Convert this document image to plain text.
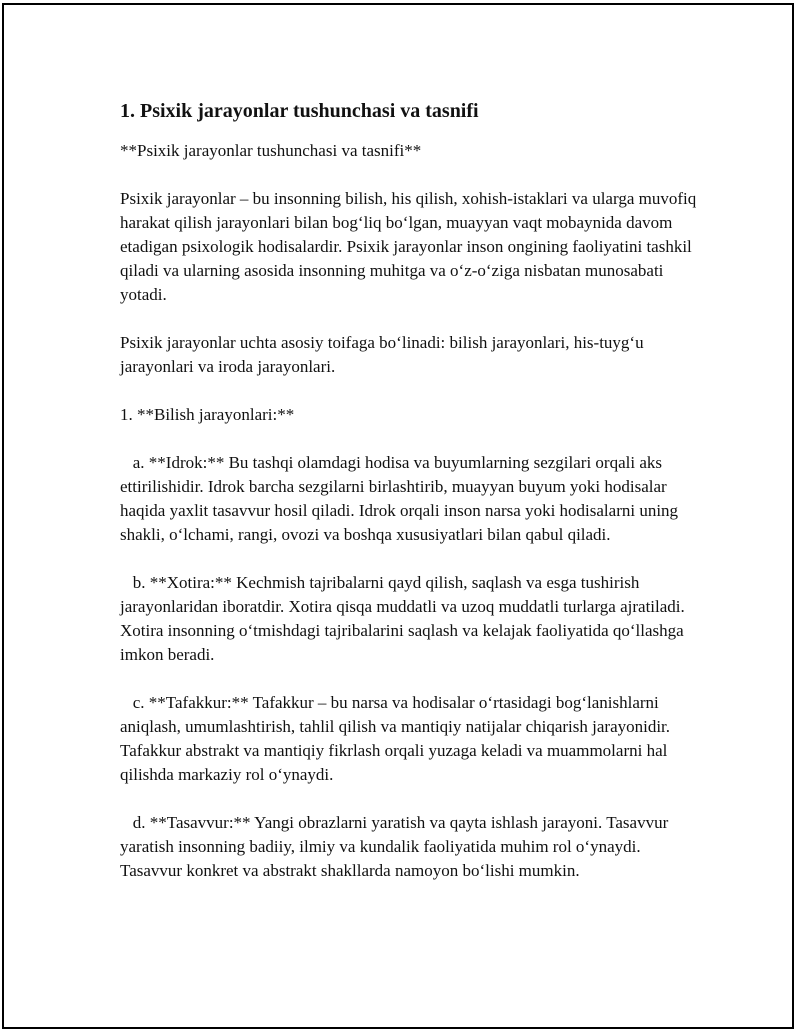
1. Psixik jarayonlar tushunchasi va tasnifi

**Psixik jarayonlar tushunchasi va tasnifi**

Psixik jarayonlar – bu insonning bilish, his qilish, xohish-istaklari va ularga muvofiq harakat qilish jarayonlari bilan bog‘liq bo‘lgan, muayyan vaqt mobaynida davom etadigan psixologik hodisalardir. Psixik jarayonlar inson ongining faoliyatini tashkil qiladi va ularning asosida insonning muhitga va o‘z-o‘ziga nisbatan munosabati yotadi.

Psixik jarayonlar uchta asosiy toifaga bo‘linadi: bilish jarayonlari, his-tuyg‘u jarayonlari va iroda jarayonlari.

1. **Bilish jarayonlari:**

a. **Idrok:** Bu tashqi olamdagi hodisa va buyumlarning sezgilari orqali aks ettirilishidir. Idrok barcha sezgilarni birlashtirib, muayyan buyum yoki hodisalar haqida yaxlit tasavvur hosil qiladi. Idrok orqali inson narsa yoki hodisalarni uning shakli, o‘lchami, rangi, ovozi va boshqa xususiyatlari bilan qabul qiladi.

b. **Xotira:** Kechmish tajribalarni qayd qilish, saqlash va esga tushirish jarayonlaridan iboratdir. Xotira qisqa muddatli va uzoq muddatli turlarga ajratiladi. Xotira insonning o‘tmishdagi tajribalarini saqlash va kelajak faoliyatida qo‘llashga imkon beradi.

c. **Tafakkur:** Tafakkur – bu narsa va hodisalar o‘rtasidagi bog‘lanishlarni aniqlash, umumlashtirish, tahlil qilish va mantiqiy natijalar chiqarish jarayonidir. Tafakkur abstrakt va mantiqiy fikrlash orqali yuzaga keladi va muammolarni hal qilishda markaziy rol o‘ynaydi.

d. **Tasavvur:** Yangi obrazlarni yaratish va qayta ishlash jarayoni. Tasavvur yaratish insonning badiiy, ilmiy va kundalik faoliyatida muhim rol o‘ynaydi. Tasavvur konkret va abstrakt shakllarda namoyon bo‘lishi mumkin.
